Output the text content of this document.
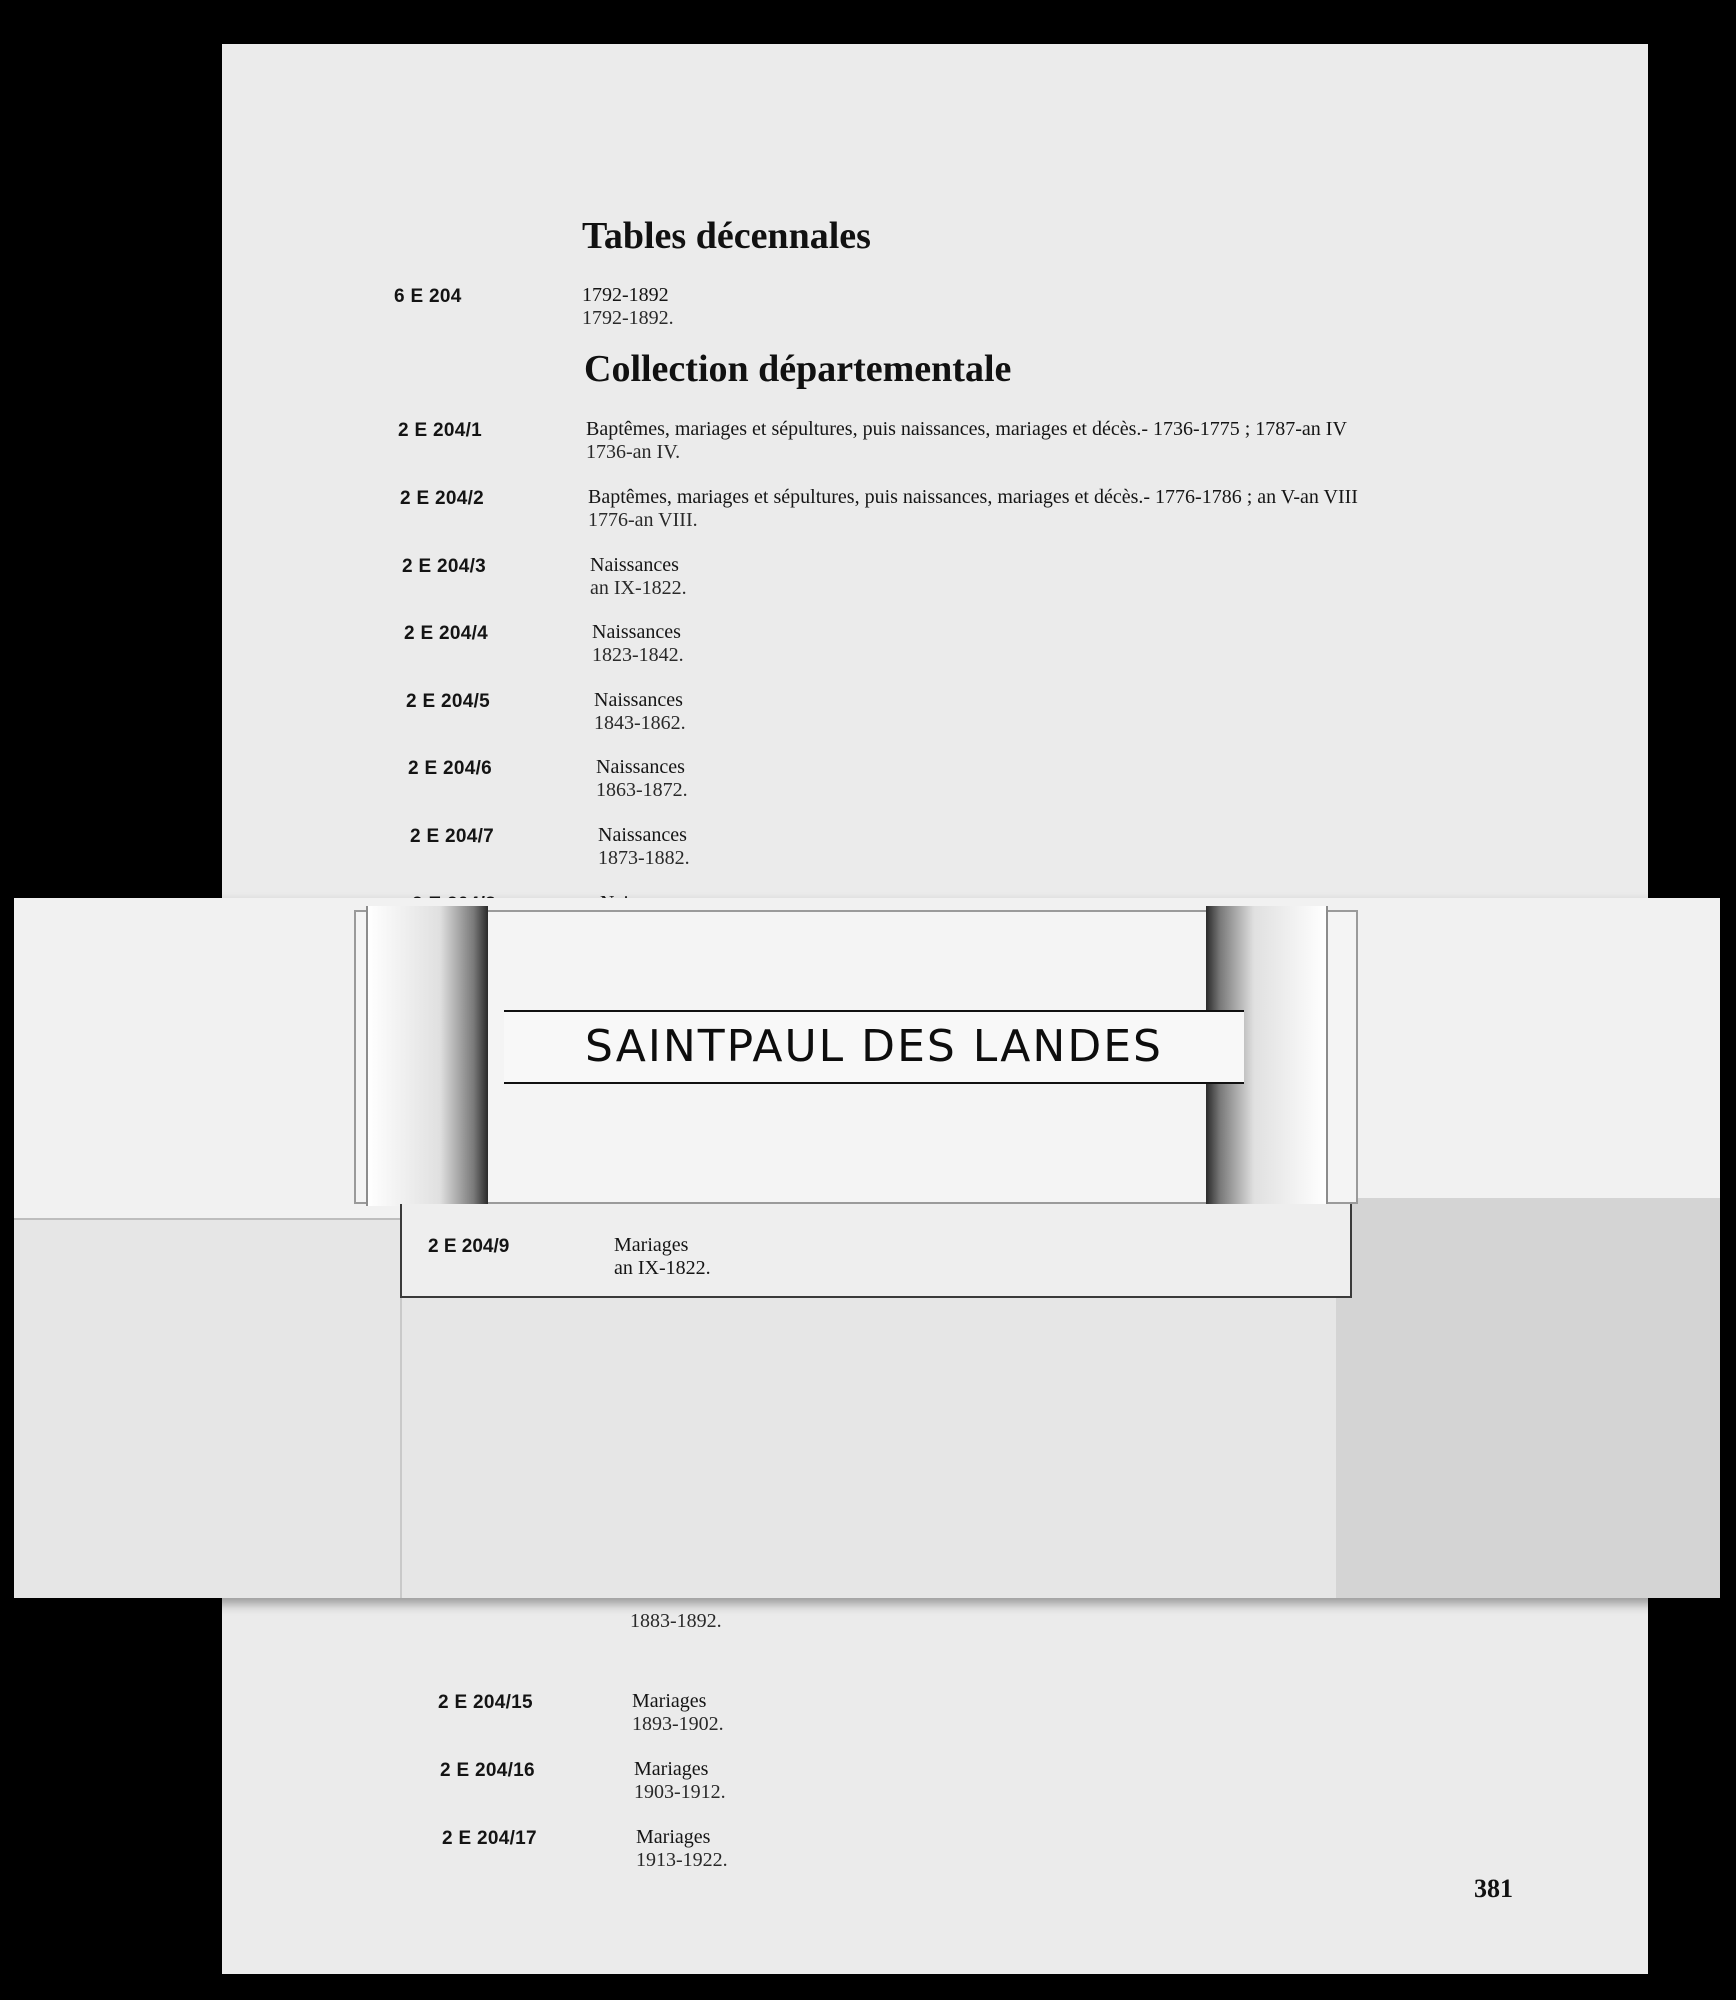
Tables décennales
6 E 204	1792-1892
1792-1892.
Collection départementale
2 E 204/1	Baptêmes, mariages et sépultures, puis naissances, mariages et décès.- 1736-1775 ; 1787-an IV
1736-an IV.
2 E 204/2	Baptêmes, mariages et sépultures, puis naissances, mariages et décès.- 1776-1786 ; an V-an VIII
1776-an VIII.
2 E 204/3	Naissances
an IX-1822.
2 E 204/4	Naissances
1823-1842.
2 E 204/5	Naissances
1843-1862.
2 E 204/6	Naissances
1863-1872.
2 E 204/7	Naissances
1873-1882.
1883-1892.
2 E 204/15	Mariages
1893-1902.
2 E 204/16	Mariages
1903-1912.
2 E 204/17	Mariages
1913-1922.
381
SAINTPAUL DES LANDES
2 E 204/9	Mariages
an IX-1822.
